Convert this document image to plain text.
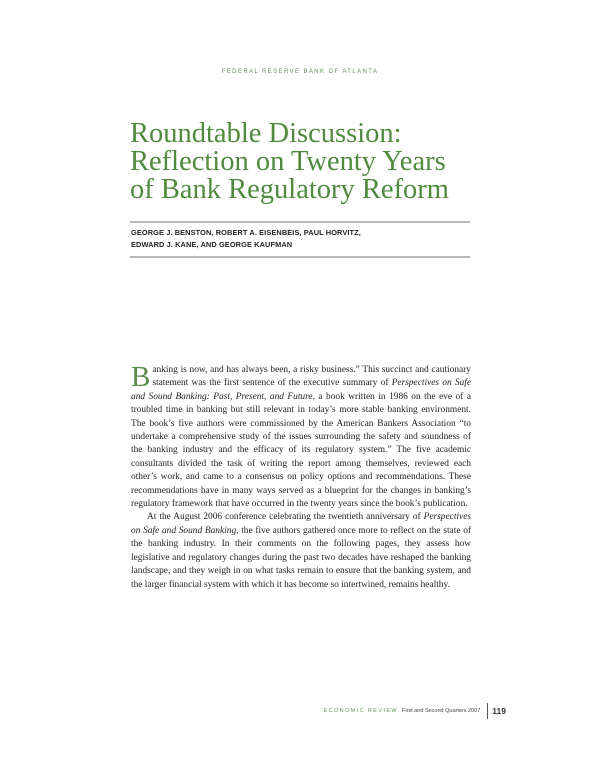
FEDERAL RESERVE BANK OF ATLANTA
Roundtable Discussion:
Reflection on Twenty Years
of Bank Regulatory Reform
GEORGE J. BENSTON, ROBERT A. EISENBEIS, PAUL HORVITZ,
EDWARD J. KANE, AND GEORGE KAUFMAN

Banking is now, and has always been, a risky business.” This succinct and cautionary statement was the first sentence of the executive summary of Perspectives on Safe and Sound Banking: Past, Present, and Future, a book written in 1986 on the eve of a troubled time in banking but still relevant in today’s more stable banking environment. The book’s five authors were commissioned by the American Bankers Association “to undertake a comprehensive study of the issues surrounding the safety and soundness of the banking industry and the efficacy of its regulatory system.” The five academic consultants divided the task of writing the report among themselves, reviewed each other’s work, and came to a consensus on policy options and recommendations. These recommendations have in many ways served as a blueprint for the changes in banking’s regulatory framework that have occurred in the twenty years since the book’s publication.

At the August 2006 conference celebrating the twentieth anniversary of Perspectives on Safe and Sound Banking, the five authors gathered once more to reflect on the state of the banking industry. In their comments on the following pages, they assess how legislative and regulatory changes during the past two decades have reshaped the banking landscape, and they weigh in on what tasks remain to ensure that the banking system, and the larger financial system with which it has become so intertwined, remains healthy.

ECONOMIC REVIEW First and Second Quarters 2007 119
